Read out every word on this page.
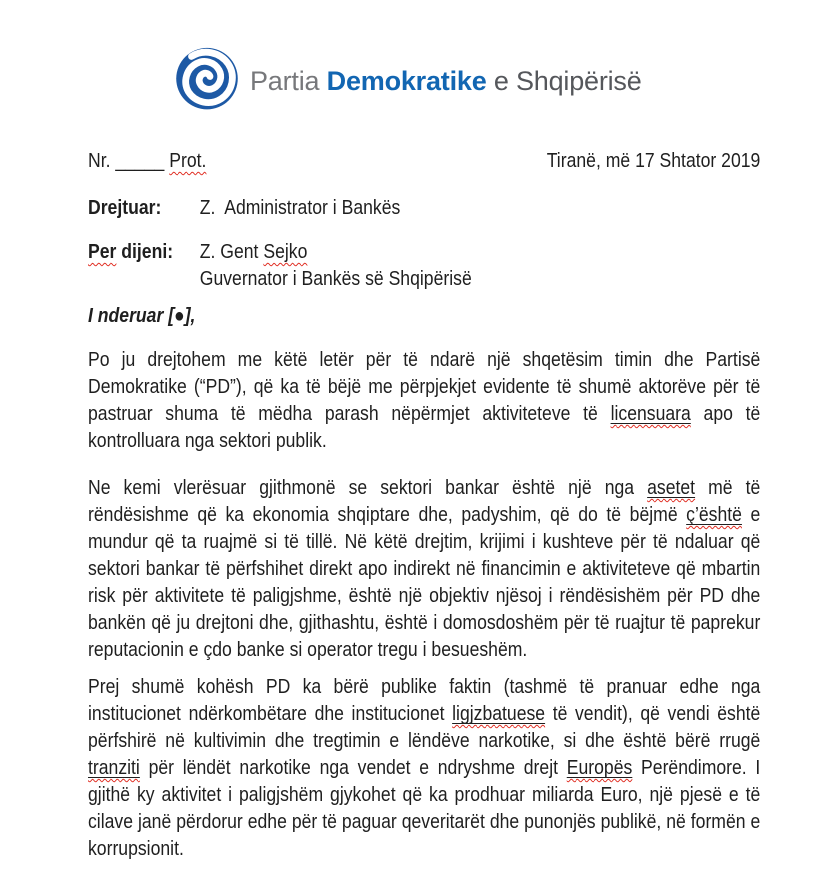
Partia Demokratike e Shqipërisë
Nr. _____ Prot.	Tiranë, më 17 Shtator 2019
Drejtuar:	Z.  Administrator i Bankës
Per dijeni:	Z. Gent Sejko
Guvernator i Bankës së Shqipërisë

I nderuar [●],

Po ju drejtohem me këtë letër për të ndarë një shqetësim timin dhe Partisë Demokratike (“PD”), që ka të bëjë me përpjekjet evidente të shumë aktorëve për të pastruar shuma të mëdha parash nëpërmjet aktiviteteve të licensuara apo të kontrolluara nga sektori publik.

Ne kemi vlerësuar gjithmonë se sektori bankar është një nga asetet më të rëndësishme që ka ekonomia shqiptare dhe, padyshim, që do të bëjmë ç’është e mundur që ta ruajmë si të tillë. Në këtë drejtim, krijimi i kushteve për të ndaluar që sektori bankar të përfshihet direkt apo indirekt në financimin e aktiviteteve që mbartin risk për aktivitete të paligjshme, është një objektiv njësoj i rëndësishëm për PD dhe bankën që ju drejtoni dhe, gjithashtu, është i domosdoshëm për të ruajtur të paprekur reputacionin e çdo banke si operator tregu i besueshëm.

Prej shumë kohësh PD ka bërë publike faktin (tashmë të pranuar edhe nga institucionet ndërkombëtare dhe institucionet ligjzbatuese të vendit), që vendi është përfshirë në kultivimin dhe tregtimin e lëndëve narkotike, si dhe është bërë rrugë tranziti për lëndët narkotike nga vendet e ndryshme drejt Europës Perëndimore. I gjithë ky aktivitet i paligjshëm gjykohet që ka prodhuar miliarda Euro, një pjesë e të cilave janë përdorur edhe për të paguar qeveritarët dhe punonjës publikë, në formën e korrupsionit.
